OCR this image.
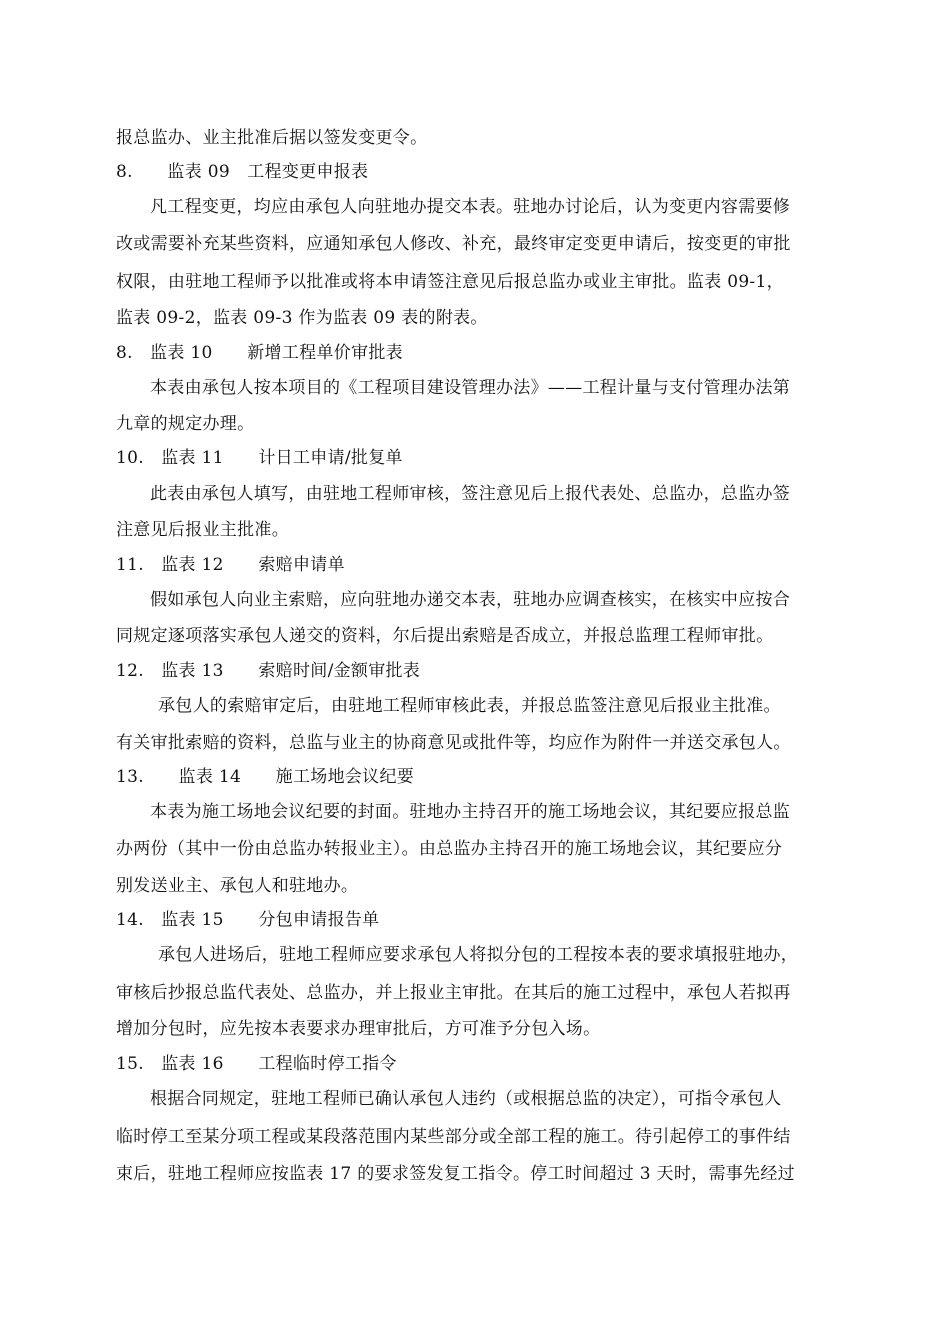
报总监办、业主批准后据以签发变更令。
8.　　监表 09　工程变更申报表
凡工程变更，均应由承包人向驻地办提交本表。驻地办讨论后，认为变更内容需要修
改或需要补充某些资料，应通知承包人修改、补充，最终审定变更申请后，按变更的审批
权限，由驻地工程师予以批准或将本申请签注意见后报总监办或业主审批。监表 09-1，
监表 09-2，监表 09-3 作为监表 09 表的附表。
8.　监表 10　　新增工程单价审批表
本表由承包人按本项目的《工程项目建设管理办法》——工程计量与支付管理办法第
九章的规定办理。
10.　监表 11　　计日工申请/批复单
此表由承包人填写，由驻地工程师审核，签注意见后上报代表处、总监办，总监办签
注意见后报业主批准。
11.　监表 12　　索赔申请单
假如承包人向业主索赔，应向驻地办递交本表，驻地办应调查核实，在核实中应按合
同规定逐项落实承包人递交的资料，尔后提出索赔是否成立，并报总监理工程师审批。
12.　监表 13　　索赔时间/金额审批表
承包人的索赔审定后，由驻地工程师审核此表，并报总监签注意见后报业主批准。
有关审批索赔的资料，总监与业主的协商意见或批件等，均应作为附件一并送交承包人。
13.　　监表 14　　施工场地会议纪要
本表为施工场地会议纪要的封面。驻地办主持召开的施工场地会议，其纪要应报总监
办两份（其中一份由总监办转报业主）。由总监办主持召开的施工场地会议，其纪要应分
别发送业主、承包人和驻地办。
14.　监表 15　　分包申请报告单
承包人进场后，驻地工程师应要求承包人将拟分包的工程按本表的要求填报驻地办，
审核后抄报总监代表处、总监办，并上报业主审批。在其后的施工过程中，承包人若拟再
增加分包时，应先按本表要求办理审批后，方可准予分包入场。
15.　监表 16　　工程临时停工指令
根据合同规定，驻地工程师已确认承包人违约（或根据总监的决定），可指令承包人
临时停工至某分项工程或某段落范围内某些部分或全部工程的施工。待引起停工的事件结
束后，驻地工程师应按监表 17 的要求签发复工指令。停工时间超过 3 天时，需事先经过
